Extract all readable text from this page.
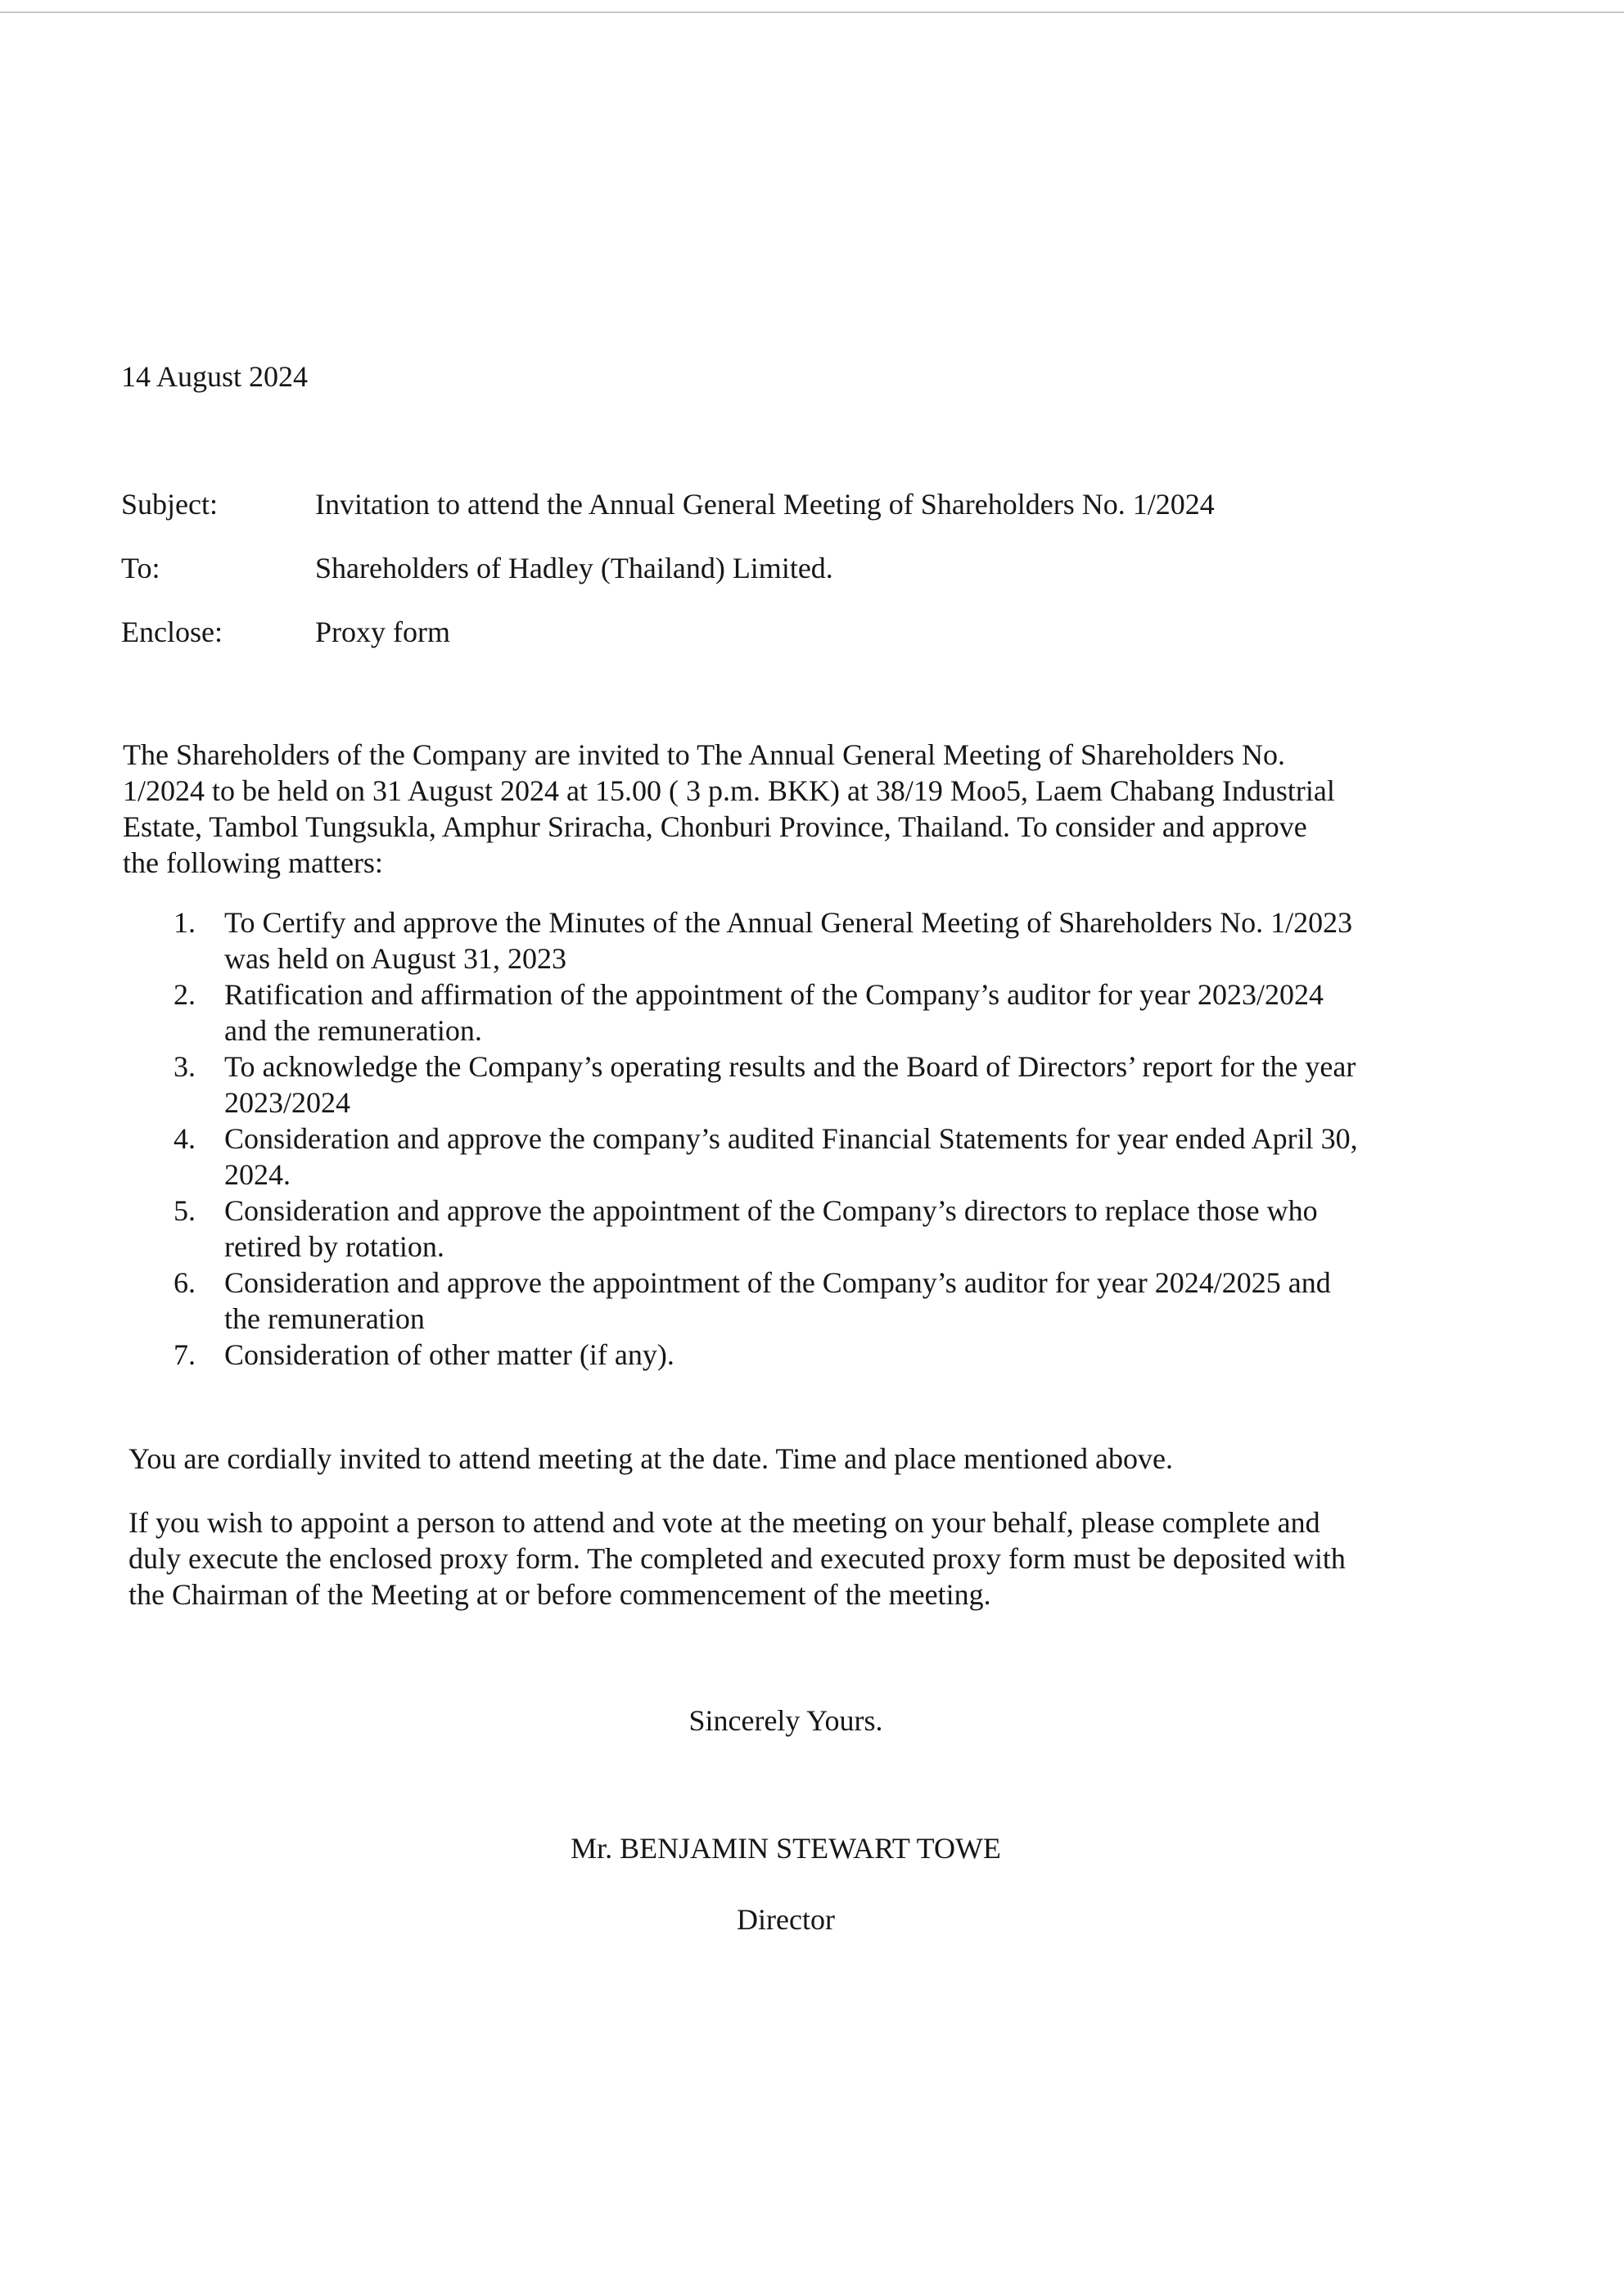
14 August 2024
Subject:	Invitation to attend the Annual General Meeting of Shareholders No. 1/2024
To:	Shareholders of Hadley (Thailand) Limited.
Enclose:	Proxy form

The Shareholders of the Company are invited to The Annual General Meeting of Shareholders No.
1/2024 to be held on 31 August 2024 at 15.00 ( 3 p.m. BKK) at 38/19 Moo5, Laem Chabang Industrial
Estate, Tambol Tungsukla, Amphur Sriracha, Chonburi Province, Thailand. To consider and approve
the following matters:

1. To Certify and approve the Minutes of the Annual General Meeting of Shareholders No. 1/2023
was held on August 31, 2023
2. Ratification and affirmation of the appointment of the Company’s auditor for year 2023/2024
and the remuneration.
3. To acknowledge the Company’s operating results and the Board of Directors’ report for the year
2023/2024
4. Consideration and approve the company’s audited Financial Statements for year ended April 30,
2024.
5. Consideration and approve the appointment of the Company’s directors to replace those who
retired by rotation.
6. Consideration and approve the appointment of the Company’s auditor for year 2024/2025 and
the remuneration
7. Consideration of other matter (if any).

You are cordially invited to attend meeting at the date. Time and place mentioned above.

If you wish to appoint a person to attend and vote at the meeting on your behalf, please complete and
duly execute the enclosed proxy form. The completed and executed proxy form must be deposited with
the Chairman of the Meeting at or before commencement of the meeting.

Sincerely Yours.
Mr. BENJAMIN STEWART TOWE
Director
